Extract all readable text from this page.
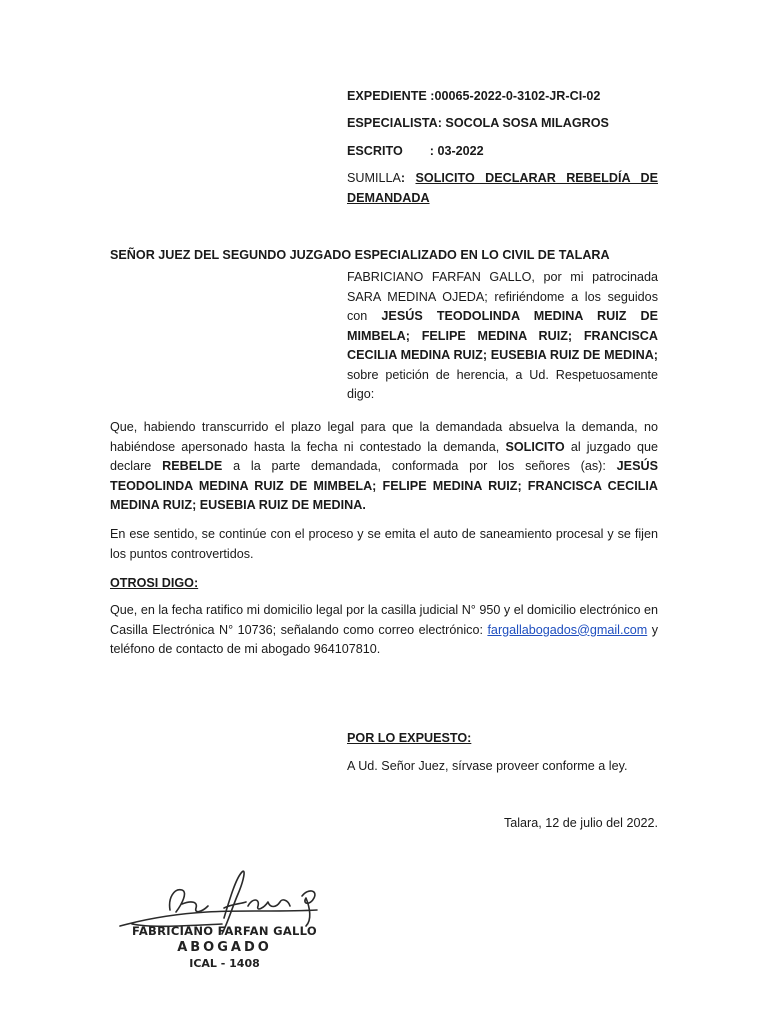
EXPEDIENTE :00065-2022-0-3102-JR-CI-02
ESPECIALISTA: SOCOLA SOSA MILAGROS
ESCRITO : 03-2022
SUMILLA: SOLICITO DECLARAR REBELDÍA DE DEMANDADA
SEÑOR JUEZ DEL SEGUNDO JUZGADO ESPECIALIZADO EN LO CIVIL DE TALARA
FABRICIANO FARFAN GALLO, por mi patrocinada SARA MEDINA OJEDA; refiriéndome a los seguidos con JESÚS TEODOLINDA MEDINA RUIZ DE MIMBELA; FELIPE MEDINA RUIZ; FRANCISCA CECILIA MEDINA RUIZ; EUSEBIA RUIZ DE MEDINA; sobre petición de herencia, a Ud. Respetuosamente digo:
Que, habiendo transcurrido el plazo legal para que la demandada absuelva la demanda, no habiéndose apersonado hasta la fecha ni contestado la demanda, SOLICITO al juzgado que declare REBELDE a la parte demandada, conformada por los señores (as): JESÚS TEODOLINDA MEDINA RUIZ DE MIMBELA; FELIPE MEDINA RUIZ; FRANCISCA CECILIA MEDINA RUIZ; EUSEBIA RUIZ DE MEDINA.
En ese sentido, se continúe con el proceso y se emita el auto de saneamiento procesal y se fijen los puntos controvertidos.
OTROSI DIGO:
Que, en la fecha ratifico mi domicilio legal por la casilla judicial N° 950 y el domicilio electrónico en Casilla Electrónica N° 10736; señalando como correo electrónico: fargallabogados@gmail.com y teléfono de contacto de mi abogado 964107810.
POR LO EXPUESTO:
A Ud. Señor Juez, sírvase proveer conforme a ley.
Talara, 12 de julio del 2022.
FABRICIANO FARFAN GALLO
ABOGADO
ICAL - 1408
